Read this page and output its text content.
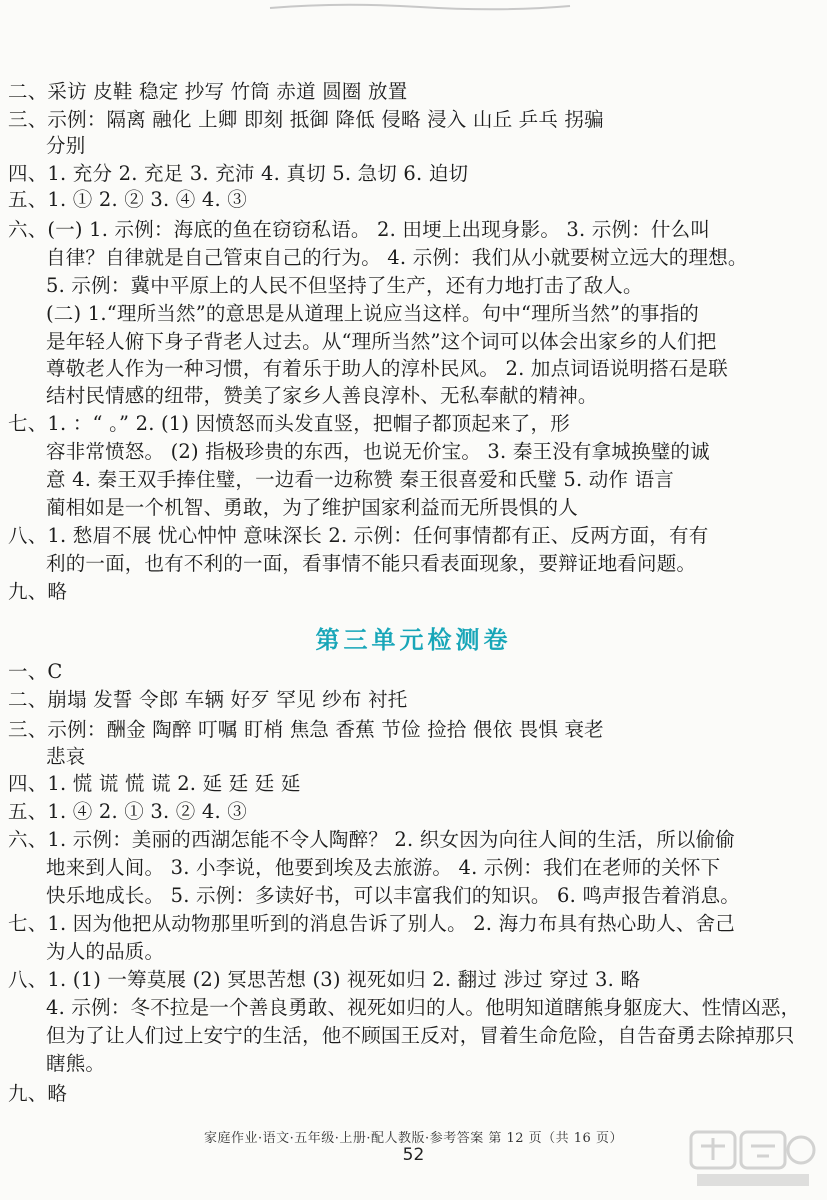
二、采访 皮鞋 稳定 抄写 竹筒 赤道 圆圈 放置
三、示例：隔离 融化 上卿 即刻 抵御 降低 侵略 浸入 山丘 乒乓 拐骗
分别
四、1. 充分 2. 充足 3. 充沛 4. 真切 5. 急切 6. 迫切
五、1. ① 2. ② 3. ④ 4. ③
六、(一) 1. 示例：海底的鱼在窃窃私语。 2. 田埂上出现身影。 3. 示例：什么叫
自律？自律就是自己管束自己的行为。 4. 示例：我们从小就要树立远大的理想。
5. 示例：冀中平原上的人民不但坚持了生产，还有力地打击了敌人。
(二) 1.“理所当然”的意思是从道理上说应当这样。句中“理所当然”的事指的
是年轻人俯下身子背老人过去。从“理所当然”这个词可以体会出家乡的人们把
尊敬老人作为一种习惯，有着乐于助人的淳朴民风。 2. 加点词语说明搭石是联
结村民情感的纽带，赞美了家乡人善良淳朴、无私奉献的精神。
七、1. ：“ 。” 2. (1) 因愤怒而头发直竖，把帽子都顶起来了，形
容非常愤怒。 (2) 指极珍贵的东西，也说无价宝。 3. 秦王没有拿城换璧的诚
意 4. 秦王双手捧住璧，一边看一边称赞 秦王很喜爱和氏璧 5. 动作 语言
蔺相如是一个机智、勇敢，为了维护国家利益而无所畏惧的人
八、1. 愁眉不展 忧心忡忡 意味深长 2. 示例：任何事情都有正、反两方面，有有
利的一面，也有不利的一面，看事情不能只看表面现象，要辩证地看问题。
九、略
第三单元检测卷
一、C
二、崩塌 发誓 令郎 车辆 好歹 罕见 纱布 衬托
三、示例：酬金 陶醉 叮嘱 盯梢 焦急 香蕉 节俭 捡拾 偎依 畏惧 衰老
悲哀
四、1. 慌 谎 慌 谎 2. 延 廷 廷 延
五、1. ④ 2. ① 3. ② 4. ③
六、1. 示例：美丽的西湖怎能不令人陶醉？ 2. 织女因为向往人间的生活，所以偷偷
地来到人间。 3. 小李说，他要到埃及去旅游。 4. 示例：我们在老师的关怀下
快乐地成长。 5. 示例：多读好书，可以丰富我们的知识。 6. 鸣声报告着消息。
七、1. 因为他把从动物那里听到的消息告诉了别人。 2. 海力布具有热心助人、舍己
为人的品质。
八、1. (1) 一筹莫展 (2) 冥思苦想 (3) 视死如归 2. 翻过 涉过 穿过 3. 略
4. 示例：冬不拉是一个善良勇敢、视死如归的人。他明知道瞎熊身躯庞大、性情凶恶，
但为了让人们过上安宁的生活，他不顾国王反对，冒着生命危险，自告奋勇去除掉那只
瞎熊。
九、略
家庭作业·语文·五年级·上册·配人教版·参考答案 第 12 页（共 16 页）
52
